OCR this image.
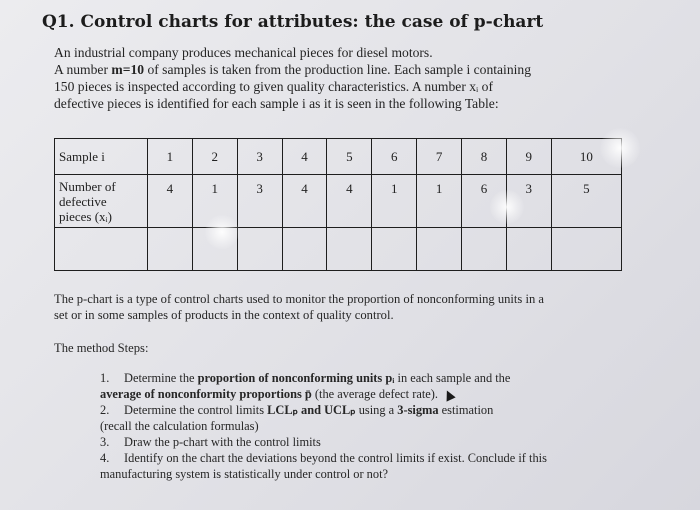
Q1. Control charts for attributes: the case of p-chart
An industrial company produces mechanical pieces for diesel motors.
A number m=10 of samples is taken from the production line. Each sample i containing
150 pieces is inspected according to given quality characteristics. A number xᵢ of
defective pieces is identified for each sample i as it is seen in the following Table:
Sample i	1	2	3	4	5	6	7	8	9	10

Number of
defective
pieces (xᵢ)	4	1	3	4	4	1	1	6	3	5

The p-chart is a type of control charts used to monitor the proportion of nonconforming units in a
set or in some samples of products in the context of quality control.
The method Steps:
1. Determine the proportion of nonconforming units pᵢ in each sample and the
average of nonconformity proportions p̄ (the average defect rate).
2. Determine the control limits LCLₚ and UCLₚ using a 3-sigma estimation
(recall the calculation formulas)
3. Draw the p-chart with the control limits
4. Identify on the chart the deviations beyond the control limits if exist. Conclude if this
manufacturing system is statistically under control or not?
